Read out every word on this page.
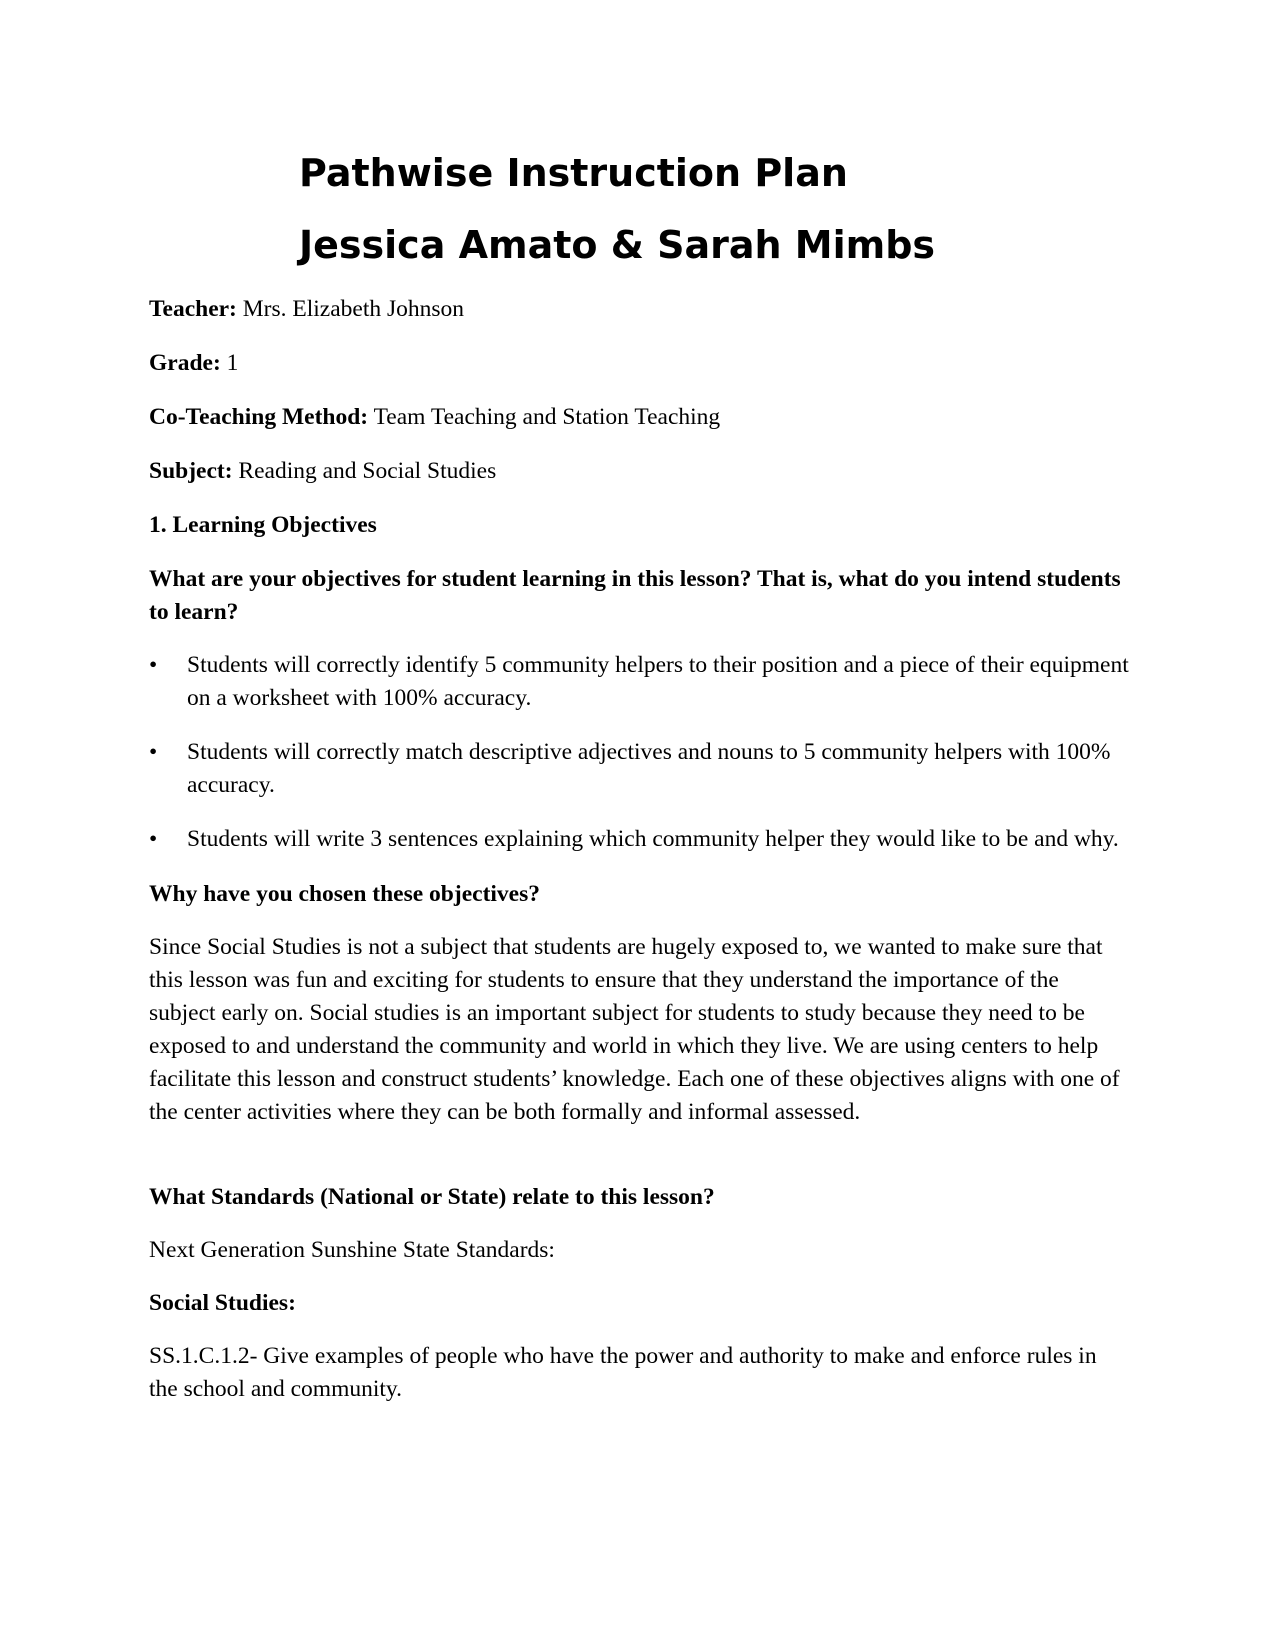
Pathwise Instruction Plan
Jessica Amato & Sarah Mimbs

Teacher: Mrs. Elizabeth Johnson

Grade: 1

Co-Teaching Method: Team Teaching and Station Teaching

Subject: Reading and Social Studies

1. Learning Objectives

What are your objectives for student learning in this lesson? That is, what do you intend students to learn?

• Students will correctly identify 5 community helpers to their position and a piece of their equipment on a worksheet with 100% accuracy.
• Students will correctly match descriptive adjectives and nouns to 5 community helpers with 100% accuracy.
• Students will write 3 sentences explaining which community helper they would like to be and why.

Why have you chosen these objectives?

Since Social Studies is not a subject that students are hugely exposed to, we wanted to make sure that this lesson was fun and exciting for students to ensure that they understand the importance of the subject early on. Social studies is an important subject for students to study because they need to be exposed to and understand the community and world in which they live. We are using centers to help facilitate this lesson and construct students’ knowledge. Each one of these objectives aligns with one of the center activities where they can be both formally and informal assessed.

What Standards (National or State) relate to this lesson?

Next Generation Sunshine State Standards:

Social Studies:

SS.1.C.1.2- Give examples of people who have the power and authority to make and enforce rules in the school and community.
